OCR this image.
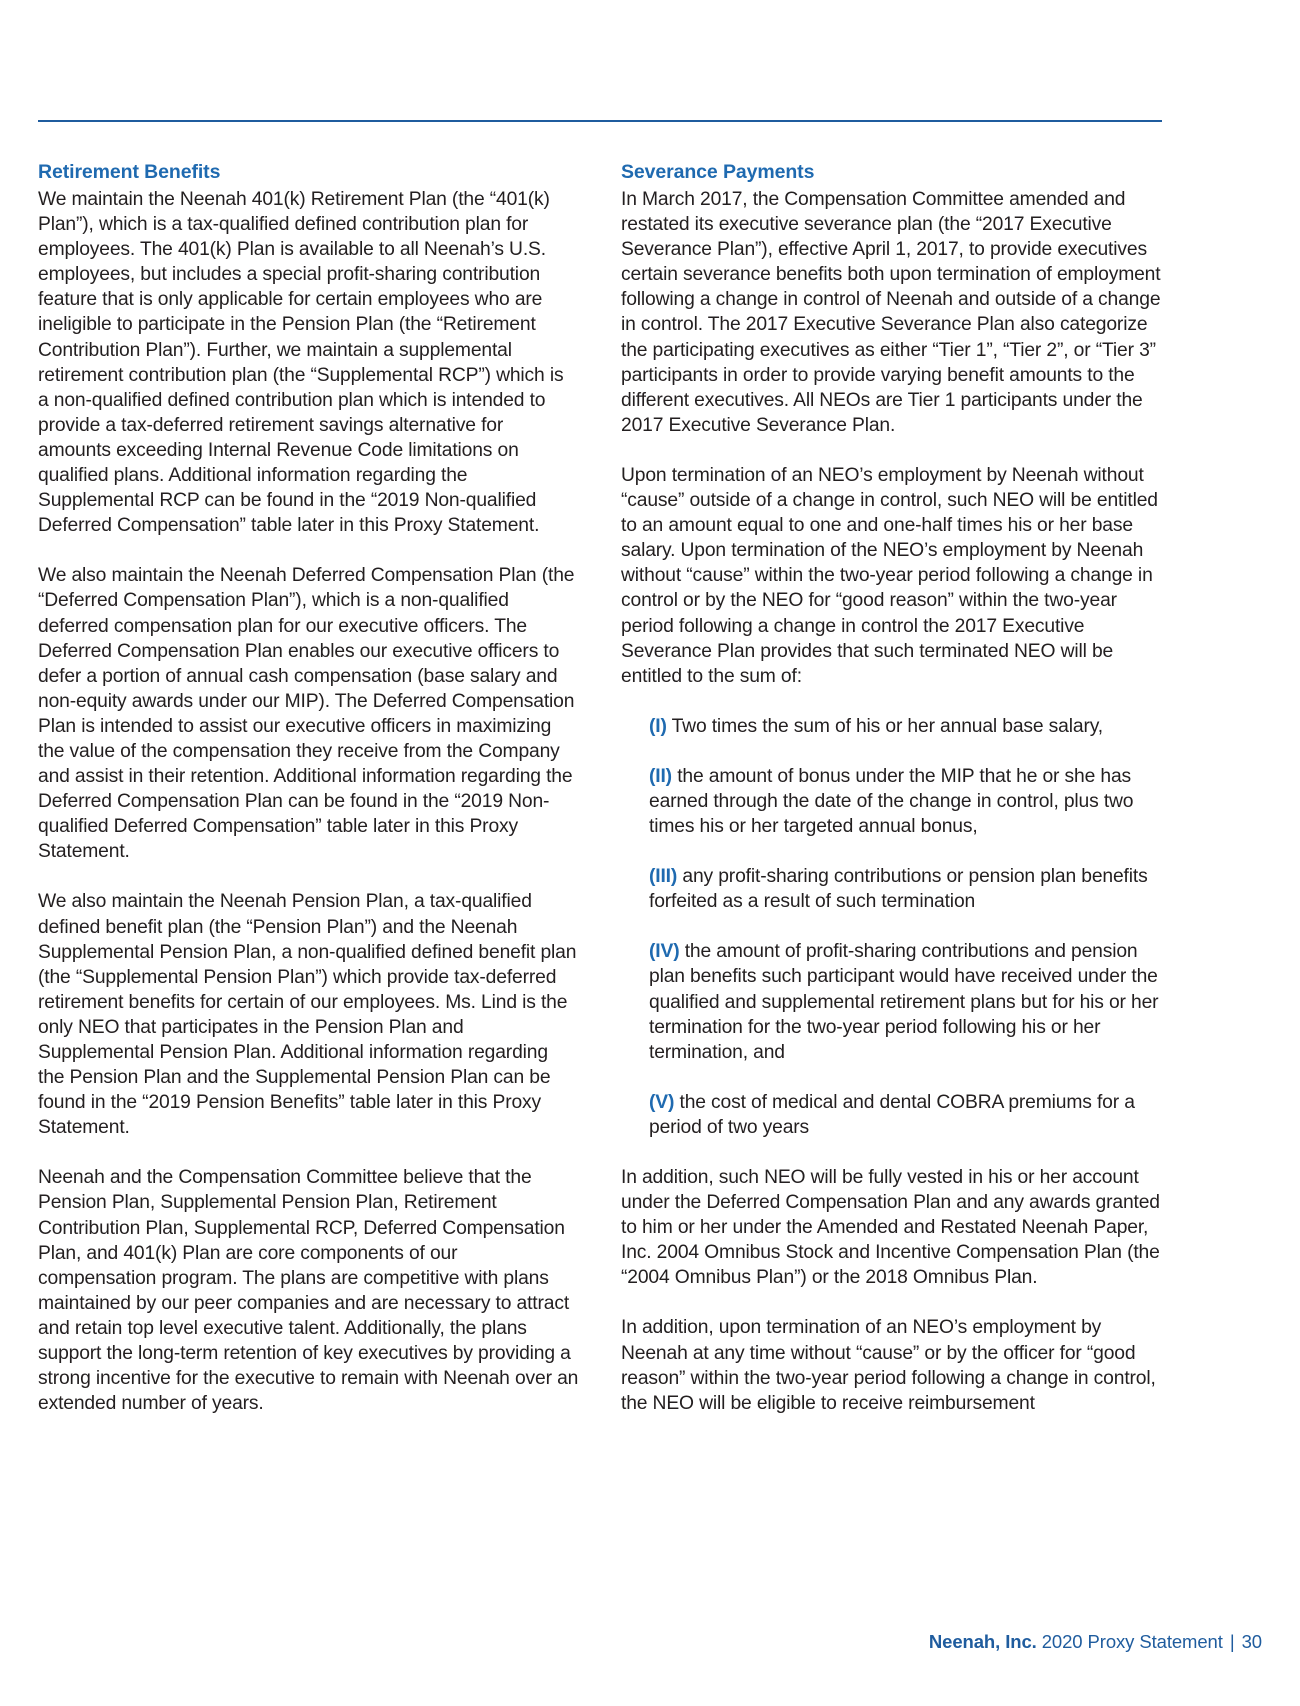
Retirement Benefits

We maintain the Neenah 401(k) Retirement Plan (the “401(k) Plan”), which is a tax-qualified defined contribution plan for employees. The 401(k) Plan is available to all Neenah’s U.S. employees, but includes a special profit-sharing contribution feature that is only applicable for certain employees who are ineligible to participate in the Pension Plan (the “Retirement Contribution Plan”). Further, we maintain a supplemental retirement contribution plan (the “Supplemental RCP”) which is a non-qualified defined contribution plan which is intended to provide a tax-deferred retirement savings alternative for amounts exceeding Internal Revenue Code limitations on qualified plans. Additional information regarding the Supplemental RCP can be found in the “2019 Non-qualified Deferred Compensation” table later in this Proxy Statement.

We also maintain the Neenah Deferred Compensation Plan (the “Deferred Compensation Plan”), which is a non-qualified deferred compensation plan for our executive officers. The Deferred Compensation Plan enables our executive officers to defer a portion of annual cash compensation (base salary and non-equity awards under our MIP). The Deferred Compensation Plan is intended to assist our executive officers in maximizing the value of the compensation they receive from the Company and assist in their retention. Additional information regarding the Deferred Compensation Plan can be found in the “2019 Non-qualified Deferred Compensation” table later in this Proxy Statement.

We also maintain the Neenah Pension Plan, a tax-qualified defined benefit plan (the “Pension Plan”) and the Neenah Supplemental Pension Plan, a non-qualified defined benefit plan (the “Supplemental Pension Plan”) which provide tax-deferred retirement benefits for certain of our employees. Ms. Lind is the only NEO that participates in the Pension Plan and Supplemental Pension Plan. Additional information regarding the Pension Plan and the Supplemental Pension Plan can be found in the “2019 Pension Benefits” table later in this Proxy Statement.

Neenah and the Compensation Committee believe that the Pension Plan, Supplemental Pension Plan, Retirement Contribution Plan, Supplemental RCP, Deferred Compensation Plan, and 401(k) Plan are core components of our compensation program. The plans are competitive with plans maintained by our peer companies and are necessary to attract and retain top level executive talent. Additionally, the plans support the long-term retention of key executives by providing a strong incentive for the executive to remain with Neenah over an extended number of years.

Severance Payments

In March 2017, the Compensation Committee amended and restated its executive severance plan (the “2017 Executive Severance Plan”), effective April 1, 2017, to provide executives certain severance benefits both upon termination of employment following a change in control of Neenah and outside of a change in control. The 2017 Executive Severance Plan also categorize the participating executives as either “Tier 1”, “Tier 2”, or “Tier 3” participants in order to provide varying benefit amounts to the different executives. All NEOs are Tier 1 participants under the 2017 Executive Severance Plan.

Upon termination of an NEO’s employment by Neenah without “cause” outside of a change in control, such NEO will be entitled to an amount equal to one and one-half times his or her base salary. Upon termination of the NEO’s employment by Neenah without “cause” within the two-year period following a change in control or by the NEO for “good reason” within the two-year period following a change in control the 2017 Executive Severance Plan provides that such terminated NEO will be entitled to the sum of:

(I) Two times the sum of his or her annual base salary,
(II) the amount of bonus under the MIP that he or she has earned through the date of the change in control, plus two times his or her targeted annual bonus,
(III) any profit-sharing contributions or pension plan benefits forfeited as a result of such termination
(IV) the amount of profit-sharing contributions and pension plan benefits such participant would have received under the qualified and supplemental retirement plans but for his or her termination for the two-year period following his or her termination, and
(V) the cost of medical and dental COBRA premiums for a period of two years

In addition, such NEO will be fully vested in his or her account under the Deferred Compensation Plan and any awards granted to him or her under the Amended and Restated Neenah Paper, Inc. 2004 Omnibus Stock and Incentive Compensation Plan (the “2004 Omnibus Plan”) or the 2018 Omnibus Plan.

In addition, upon termination of an NEO’s employment by Neenah at any time without “cause” or by the officer for “good reason” within the two-year period following a change in control, the NEO will be eligible to receive reimbursement

Neenah, Inc. 2020 Proxy Statement | 30
